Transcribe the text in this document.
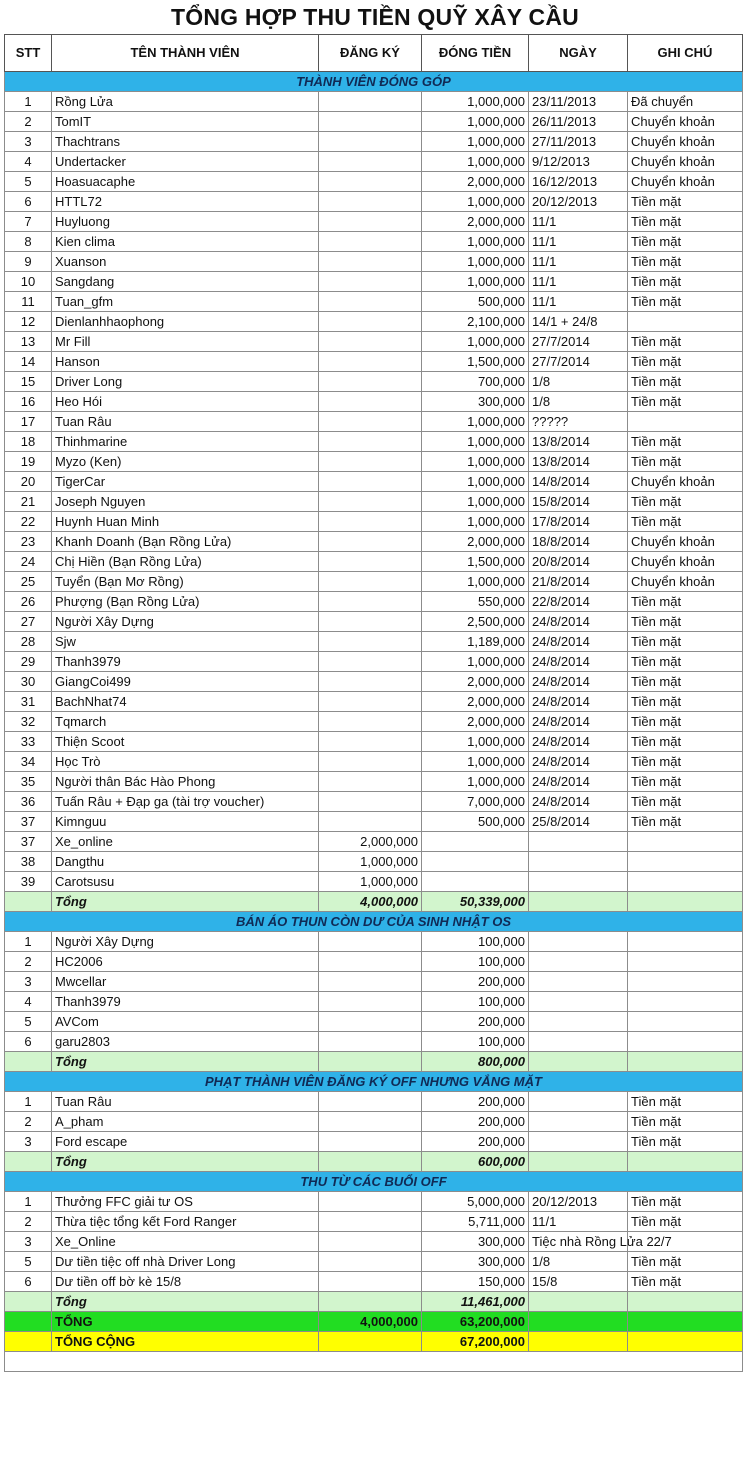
TỔNG HỢP THU TIỀN QUỸ XÂY CẦU
STT	TÊN THÀNH VIÊN	ĐĂNG KÝ	ĐÓNG TIỀN	NGÀY	GHI CHÚ
THÀNH VIÊN ĐÓNG GÓP					
1	Rồng Lửa		1,000,000	23/11/2013	Đã chuyển
2	TomIT		1,000,000	26/11/2013	Chuyển khoản
3	Thachtrans		1,000,000	27/11/2013	Chuyển khoản
4	Undertacker		1,000,000	9/12/2013	Chuyển khoản
5	Hoasuacaphe		2,000,000	16/12/2013	Chuyển khoản
6	HTTL72		1,000,000	20/12/2013	Tiền mặt
7	Huyluong		2,000,000	11/1	Tiền mặt
8	Kien clima		1,000,000	11/1	Tiền mặt
9	Xuanson		1,000,000	11/1	Tiền mặt
10	Sangdang		1,000,000	11/1	Tiền mặt
11	Tuan_gfm		500,000	11/1	Tiền mặt
12	Dienlanhhaophong		2,100,000	14/1 + 24/8	
13	Mr Fill		1,000,000	27/7/2014	Tiền mặt
14	Hanson		1,500,000	27/7/2014	Tiền mặt
15	Driver Long		700,000	1/8	Tiền mặt
16	Heo Hói		300,000	1/8	Tiền mặt
17	Tuan Râu		1,000,000	?????	
18	Thinhmarine		1,000,000	13/8/2014	Tiền mặt
19	Myzo (Ken)		1,000,000	13/8/2014	Tiền mặt
20	TigerCar		1,000,000	14/8/2014	Chuyển khoản
21	Joseph Nguyen		1,000,000	15/8/2014	Tiền mặt
22	Huynh Huan Minh		1,000,000	17/8/2014	Tiền mặt
23	Khanh Doanh (Bạn Rồng Lửa)		2,000,000	18/8/2014	Chuyển khoản
24	Chị Hiền (Bạn Rồng Lửa)		1,500,000	20/8/2014	Chuyển khoản
25	Tuyển (Bạn Mơ Rồng)		1,000,000	21/8/2014	Chuyển khoản
26	Phượng (Bạn Rồng Lửa)		550,000	22/8/2014	Tiền mặt
27	Người Xây Dựng		2,500,000	24/8/2014	Tiền mặt
28	Sjw		1,189,000	24/8/2014	Tiền mặt
29	Thanh3979		1,000,000	24/8/2014	Tiền mặt
30	GiangCoi499		2,000,000	24/8/2014	Tiền mặt
31	BachNhat74		2,000,000	24/8/2014	Tiền mặt
32	Tqmarch		2,000,000	24/8/2014	Tiền mặt
33	Thiện Scoot		1,000,000	24/8/2014	Tiền mặt
34	Học Trò		1,000,000	24/8/2014	Tiền mặt
35	Người thân Bác Hào Phong		1,000,000	24/8/2014	Tiền mặt
36	Tuấn Râu + Đạp ga (tài trợ voucher)		7,000,000	24/8/2014	Tiền mặt
37	Kimnguu		500,000	25/8/2014	Tiền mặt
37	Xe_online	2,000,000			
38	Dangthu	1,000,000			
39	Carotsusu	1,000,000			
	Tổng	4,000,000	50,339,000		
BÁN ÁO THUN CÒN DƯ CỦA SINH NHẬT OS					
1	Người Xây Dựng		100,000		
2	HC2006		100,000		
3	Mwcellar		200,000		
4	Thanh3979		100,000		
5	AVCom		200,000		
6	garu2803		100,000		
	Tổng		800,000		
PHẠT THÀNH VIÊN ĐĂNG KÝ OFF NHƯNG VẮNG MẶT					
1	Tuan Râu		200,000		Tiền mặt
2	A_pham		200,000		Tiền mặt
3	Ford escape		200,000		Tiền mặt
	Tổng		600,000		
THU TỪ CÁC BUỔI OFF					
1	Thưởng FFC giải tư OS		5,000,000	20/12/2013	Tiền mặt
2	Thừa tiệc tổng kết Ford Ranger		5,711,000	11/1	Tiền mặt
3	Xe_Online		300,000	Tiệc nhà Rồng Lửa 22/7	
5	Dư tiền tiệc off nhà Driver Long		300,000	1/8	Tiền mặt
6	Dư tiền off bờ kè 15/8		150,000	15/8	Tiền mặt
	Tổng		11,461,000		
	TỔNG	4,000,000	63,200,000		
	TỔNG CỘNG		67,200,000		
